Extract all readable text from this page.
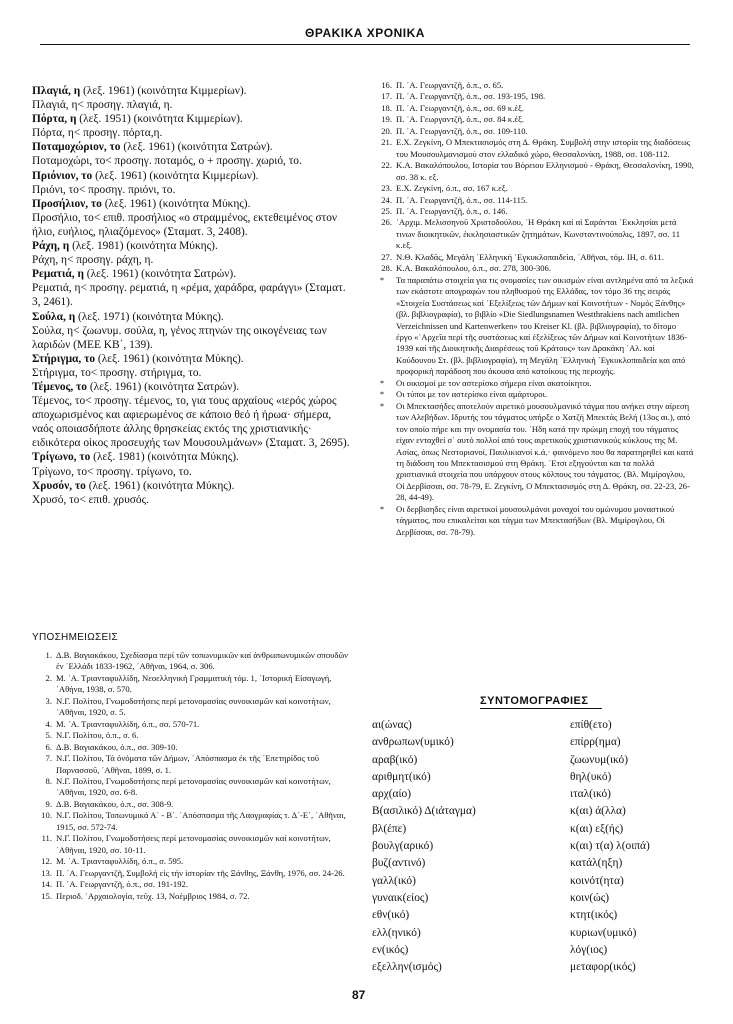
ΘΡΑΚΙΚΑ ΧΡΟΝΙΚΑ
Πλαγιά, η (λεξ. 1961) (κοινότητα Κιμμερίων).
Πλαγιά, η< προσηγ. πλαγιά, η.
Πόρτα, η (λεξ. 1951) (κοινότητα Κιμμερίων).
Πόρτα, η< προσηγ. πόρτα,η.
Ποταμοχώριον, το (λεξ. 1961) (κοινότητα Σατρών).
Ποταμοχώρι, το< προσηγ. ποταμός, ο + προσηγ. χωριό, το.
Πριόνιον, το (λεξ. 1961) (κοινότητα Κιμμερίων).
Πριόνι, το< προσηγ. πριόνι, το.
Προσήλιον, το (λεξ. 1961) (κοινότητα Μύκης).
Προσήλιο, το< επιθ. προσήλιος «ο στραμμένος, εκτεθειμένος στον ήλιο, ευήλιος, ηλιαζόμενος» (Σταματ. 3, 2408).
Ράχη, η (λεξ. 1981) (κοινότητα Μύκης).
Ράχη, η< προσηγ. ράχη, η.
Ρεματιά, η (λεξ. 1961) (κοινότητα Σατρών).
Ρεματιά, η< προσηγ. ρεματιά, η «ρέμα, χαράδρα, φαράγγι» (Σταματ. 3, 2461).
Σούλα, η (λεξ. 1971) (κοινότητα Μύκης).
Σούλα, η< ζωωνυμ. σούλα, η, γένος πτηνών της οικογένειας των λαριδών (ΜΕΕ ΚΒ΄, 139).
Στήριγμα, το (λεξ. 1961) (κοινότητα Μύκης).
Στήριγμα, το< προσηγ. στήριγμα, το.
Τέμενος, το (λεξ. 1961) (κοινότητα Σατρών).
Τέμενος, το< προσηγ. τέμενος, το, για τους αρχαίους «ιερός χώρος αποχωρισμένος και αφιερωμένος σε κάποιο θεό ή ήρωα· σήμερα, ναός οποιασδήποτε άλλης θρησκείας εκτός της χριστιανικής· ειδικότερα οίκος προσευχής των Μουσουλμάνων» (Σταματ. 3, 2695).
Τρίγωνο, το (λεξ. 1981) (κοινότητα Μύκης).
Τρίγωνο, το< προσηγ. τρίγωνο, το.
Χρυσόν, το (λεξ. 1961) (κοινότητα Μύκης).
Χρυσό, το< επιθ. χρυσός.
ΥΠΟΣΗΜΕΙΩΣΕΙΣ
1. Δ.Β. Βαγιακάκου, Σχεδίασμα περί τῶν τοπωνυμικῶν καί ἀνθρωπωνυμικῶν σπουδῶν ἐν ΄Ελλάδι 1833-1962, ΄Αθῆναι, 1964, σ. 306.
2. Μ. ΄Α. Τριανταφυλλίδη, Νεοελληνική Γραμματική τόμ. 1, ΄Ιστορική Εἰσαγωγή, ΄Αθήνα, 1938, σ. 570.
3. Ν.Γ. Πολίτου, Γνωμοδοτήσεις περί μετονομασίας συνοικισμῶν καί κοινοτήτων, ΄Αθῆναι, 1920, σ. 5.
4. Μ. ΄Α. Τριανταφυλλίδη, ό.π., σσ. 570-71.
5. Ν.Γ. Πολίτου, ό.π., σ. 6.
6. Δ.Β. Βαγιακάκου, ό.π., σσ. 309-10.
7. Ν.Γ. Πολίτου, Τά ὀνόματα τῶν Δήμων, ΄Απόσπασμα ἐκ τῆς ΄Επετηρίδος τοῦ Παρνασσοῦ, ΄Αθῆναι, 1899, σ. 1.
8. Ν.Γ. Πολίτου, Γνωμοδοτήσεις περί μετονομασίας συνοικισμῶν καί κοινοτήτων, ΄Αθῆναι, 1920, σσ. 6-8.
9. Δ.Β. Βαγιακάκου, ό.π., σσ. 308-9.
10. Ν.Γ. Πολίτου, Τοπωνυμικά Α΄ - Β΄. ΄Απόσπασμα τῆς Λαογραφίας τ. Δ΄-Ε΄, ΄Αθῆναι, 1915, σσ. 572-74.
11. Ν.Γ. Πολίτου, Γνωμοδοτήσεις περί μετονομασίας συνοικισμῶν καί κοινοτήτων, ΄Αθῆναι, 1920, σσ. 10-11.
12. Μ. ΄Α. Τριανταφυλλίδη, ό.π., σ. 595.
13. Π. ΄Α. Γεωργαντζῆ, Συμβολή εἰς τήν ἱστορίαν τῆς Ξάνθης, Ξάνθη, 1976, σσ. 24-26.
14. Π. ΄Α. Γεωργαντζῆ, ό.π., σσ. 191-192.
15. Περιοδ. ΄Αρχαιολογία, τεῦχ. 13, Νοέμβριος 1984, σ. 72.
16. Π. ΄Α. Γεωργαντζῆ, ό.π., σ. 65.
17. Π. ΄Α. Γεωργαντζῆ, ό.π., σσ. 193-195, 198.
18. Π. ΄Α. Γεωργαντζῆ, ό.π., σσ. 69 κ.ἑξ.
19. Π. ΄Α. Γεωργαντζῆ, ό.π., σσ. 84 κ.ἑξ.
20. Π. ΄Α. Γεωργαντζῆ, ό.π., σσ. 109-110.
21. Ε.Χ. Ζεγκίνη, Ο Μπεκτασισμός στη Δ. Θράκη. Συμβολή στην ιστορία της διαδόσεως του Μουσουλμανισμού στον ελλαδικό χώρο, Θεσσαλονίκη, 1988, σσ. 108-112.
22. Κ.Α. Βακαλόπουλου, Ιστορία του Βόρειου Ελληνισμού - Θράκη, Θεσσαλονίκη, 1990, σσ. 38 κ. εξ.
23. Ε.Χ. Ζεγκίνη, ό.π., σσ. 167 κ.εξ.
24. Π. ΄Α. Γεωργαντζῆ, ό.π., σσ. 114-115.
25. Π. ΄Α. Γεωργαντζῆ, ό.π., σ. 146.
26. ΄Αρχιμ. Μελισσηνοῦ Χριστοδούλου, ΄Η Θράκη καί αἱ Σαράνται ΄Εκκλησίαι μετά τινων διοικητικῶν, ἐκκλησιαστικῶν ζητημάτων, Κωνσταντινούπολις, 1897, σσ. 11 κ.εξ.
27. Ν.Θ. Κλαδᾶς, Μεγάλη ΄Ελληνική ΄Εγκυκλοπαιδεία, ΄Αθῆναι, τόμ. ΙΗ, σ. 611.
28. Κ.Α. Βακαλόπουλου, ό.π., σσ. 278, 300-306.
*	Τα παραπάτω στοιχεία για τις ονομασίες των οικισμών είναι αντλημένα από τα λεξικά των εκάστοτε απογραφών του πληθυσμού της Ελλάδας, τον τόμο 36 της σειράς «Στοιχεία Συστάσεως καί ΄Εξελίξεως τῶν Δήμων καί Κοινοτήτων - Νομός Ξάνθης» (βλ. βιβλιογραφία), το βιβλίο «Die Siedlungsnamen Westthrakiens nach amtlichen Verzeichnissen und Kartenwerken» του Kreiser Kl. (βλ. βιβλιογραφία), το δίτομο έργο «΄Αρχεῖα περί τῆς συστάσεως καί ἐξελίξεως τῶν Δήμων καί Κοινοτήτων 1836-1939 καί τῆς Διοικητικῆς Διαιρέσεως τοῦ Κράτους» των Δρακάκη ΄Αλ. καί Κούδουνου Στ. (βλ. βιβλιογραφία), τη Μεγάλη ΄Ελληνική ΄Εγκυκλοπαιδεία και από προφορική παράδοση που άκουσα από κατοίκους της περιοχής.
*	Οι οικισμοί με τον αστερίσκο σήμερα είναι ακατοίκητοι.
*	Οι τύποι με τον αστερίσκο είναι αμάρτυροι.
*	Οι Μπεκτασήδες αποτελούν αιρετικό μουσουλμανικό τάγμα που ανήκει στην αίρεση των Αλεβήδων. Ιδρυτής του τάγματος υπήρξε ο Χατζή Μπεκτάς Βελή (13ος αι.), από τον οποίο πήρε και την ονομασία του. ΄Ηδη κατά την πρώιμη εποχή του τάγματος είχαν ενταχθεί σ΄ αυτό πολλοί από τους αιρετικούς χριστιανικούς κύκλους της Μ. Ασίας, όπως Νεστοριανοί, Παυλικιανοί κ.ά.· φαινόμενο που θα παρατηρηθεί και κατά τη διάδοση του Μπεκτασισμού στη Θράκη. ΄Ετσι εξηγούνται και τα πολλά χριστιανικά στοιχεία που υπάρχουν στους κόλπους του τάγματος. (Βλ. Μιμίρογλου, Οἱ Δερβίσσαι, σσ. 78-79, Ε. Ζεγκίνη, Ο Μπεκτασισμός στη Δ. Θράκη, σσ. 22-23, 26-28, 44-49).
*	Οι δερβισηδες είναι αιρετικοί μουσουλμάνοι μοναχοί του ομώνυμου μοναστικού τάγματος, που επικαλείται και τάγμα των Μπεκτασήδων (Βλ. Μιμίρογλου, Οἱ Δερβίσσαι, σσ. 78-79).
ΣΥΝΤΟΜΟΓΡΑΦΙΕΣ
αι(ώνας)
ανθρωπων(υμικό)
αραβ(ικό)
αριθμητ(ικό)
αρχ(αίο)
Β(ασιλικό) Δ(ιάταγμα)
βλ(έπε)
βουλγ(αρικό)
βυζ(αντινό)
γαλλ(ικό)
γυναικ(είος)
εθν(ικό)
ελλ(ηνικό)
εν(ικός)
εξελλην(ισμός)
επίθ(ετο)
επίρρ(ημα)
ζωωνυμ(ικό)
θηλ(υκό)
ιταλ(ικό)
κ(αι) ά(λλα)
κ(αι) εξ(ής)
κ(αι) τ(α) λ(οιπά)
κατάλ(ηξη)
κοινότ(ητα)
κοιν(ώς)
κτητ(ικός)
κυριων(υμικό)
λόγ(ιος)
μεταφορ(ικός)
87
